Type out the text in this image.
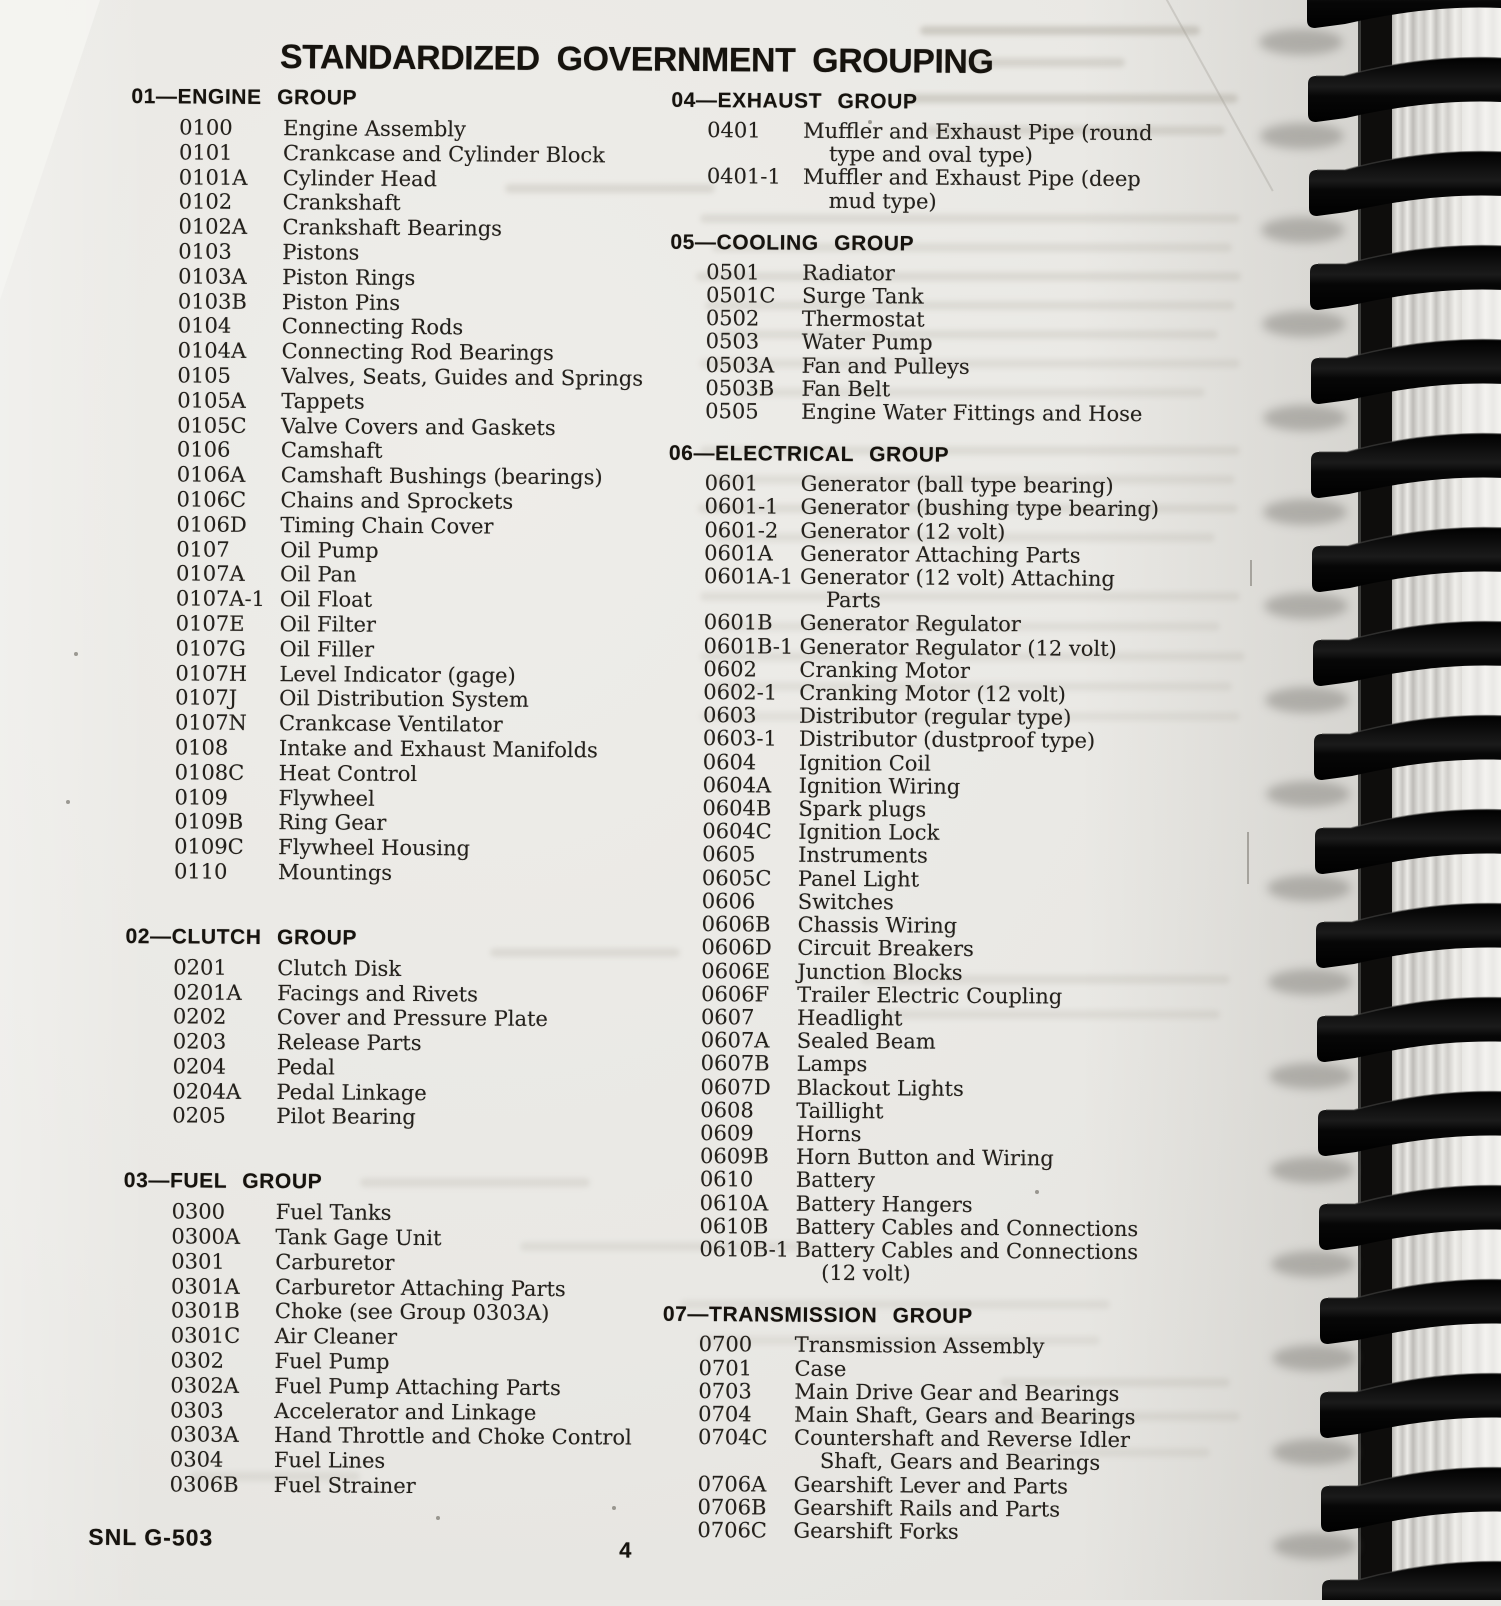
STANDARDIZED GOVERNMENT GROUPING
01—ENGINE GROUP
0100	Engine Assembly
0101	Crankcase and Cylinder Block
0101A	Cylinder Head
0102	Crankshaft
0102A	Crankshaft Bearings
0103	Pistons
0103A	Piston Rings
0103B	Piston Pins
0104	Connecting Rods
0104A	Connecting Rod Bearings
0105	Valves, Seats, Guides and Springs
0105A	Tappets
0105C	Valve Covers and Gaskets
0106	Camshaft
0106A	Camshaft Bushings (bearings)
0106C	Chains and Sprockets
0106D	Timing Chain Cover
0107	Oil Pump
0107A	Oil Pan
0107A-1 Oil Float
0107E	Oil Filter
0107G	Oil Filler
0107H	Level Indicator (gage)
0107J	Oil Distribution System
0107N	Crankcase Ventilator
0108	Intake and Exhaust Manifolds
0108C	Heat Control
0109	Flywheel
0109B	Ring Gear
0109C	Flywheel Housing
0110	Mountings
02—CLUTCH GROUP
0201	Clutch Disk
0201A	Facings and Rivets
0202	Cover and Pressure Plate
0203	Release Parts
0204	Pedal
0204A	Pedal Linkage
0205	Pilot Bearing
03—FUEL GROUP
0300	Fuel Tanks
0300A	Tank Gage Unit
0301	Carburetor
0301A	Carburetor Attaching Parts
0301B	Choke (see Group 0303A)
0301C	Air Cleaner
0302	Fuel Pump
0302A	Fuel Pump Attaching Parts
0303	Accelerator and Linkage
0303A	Hand Throttle and Choke Control
0304	Fuel Lines
0306B	Fuel Strainer
04—EXHAUST GROUP
0401	Muffler and Exhaust Pipe (round
type and oval type)
0401-1	Muffler and Exhaust Pipe (deep
mud type)
05—COOLING GROUP
0501	Radiator
0501C	Surge Tank
0502	Thermostat
0503	Water Pump
0503A	Fan and Pulleys
0503B	Fan Belt
0505	Engine Water Fittings and Hose
06—ELECTRICAL GROUP
0601	Generator (ball type bearing)
0601-1	Generator (bushing type bearing)
0601-2	Generator (12 volt)
0601A	Generator Attaching Parts
0601A-1 Generator (12 volt) Attaching
Parts
0601B	Generator Regulator
0601B-1 Generator Regulator (12 volt)
0602	Cranking Motor
0602-1	Cranking Motor (12 volt)
0603	Distributor (regular type)
0603-1	Distributor (dustproof type)
0604	Ignition Coil
0604A	Ignition Wiring
0604B	Spark plugs
0604C	Ignition Lock
0605	Instruments
0605C	Panel Light
0606	Switches
0606B	Chassis Wiring
0606D	Circuit Breakers
0606E	Junction Blocks
0606F	Trailer Electric Coupling
0607	Headlight
0607A	Sealed Beam
0607B	Lamps
0607D	Blackout Lights
0608	Taillight
0609	Horns
0609B	Horn Button and Wiring
0610	Battery
0610A	Battery Hangers
0610B	Battery Cables and Connections
0610B-1 Battery Cables and Connections
(12 volt)
07—TRANSMISSION GROUP
0700	Transmission Assembly
0701	Case
0703	Main Drive Gear and Bearings
0704	Main Shaft, Gears and Bearings
0704C	Countershaft and Reverse Idler
Shaft, Gears and Bearings
0706A	Gearshift Lever and Parts
0706B	Gearshift Rails and Parts
0706C	Gearshift Forks
SNL G-503	4
